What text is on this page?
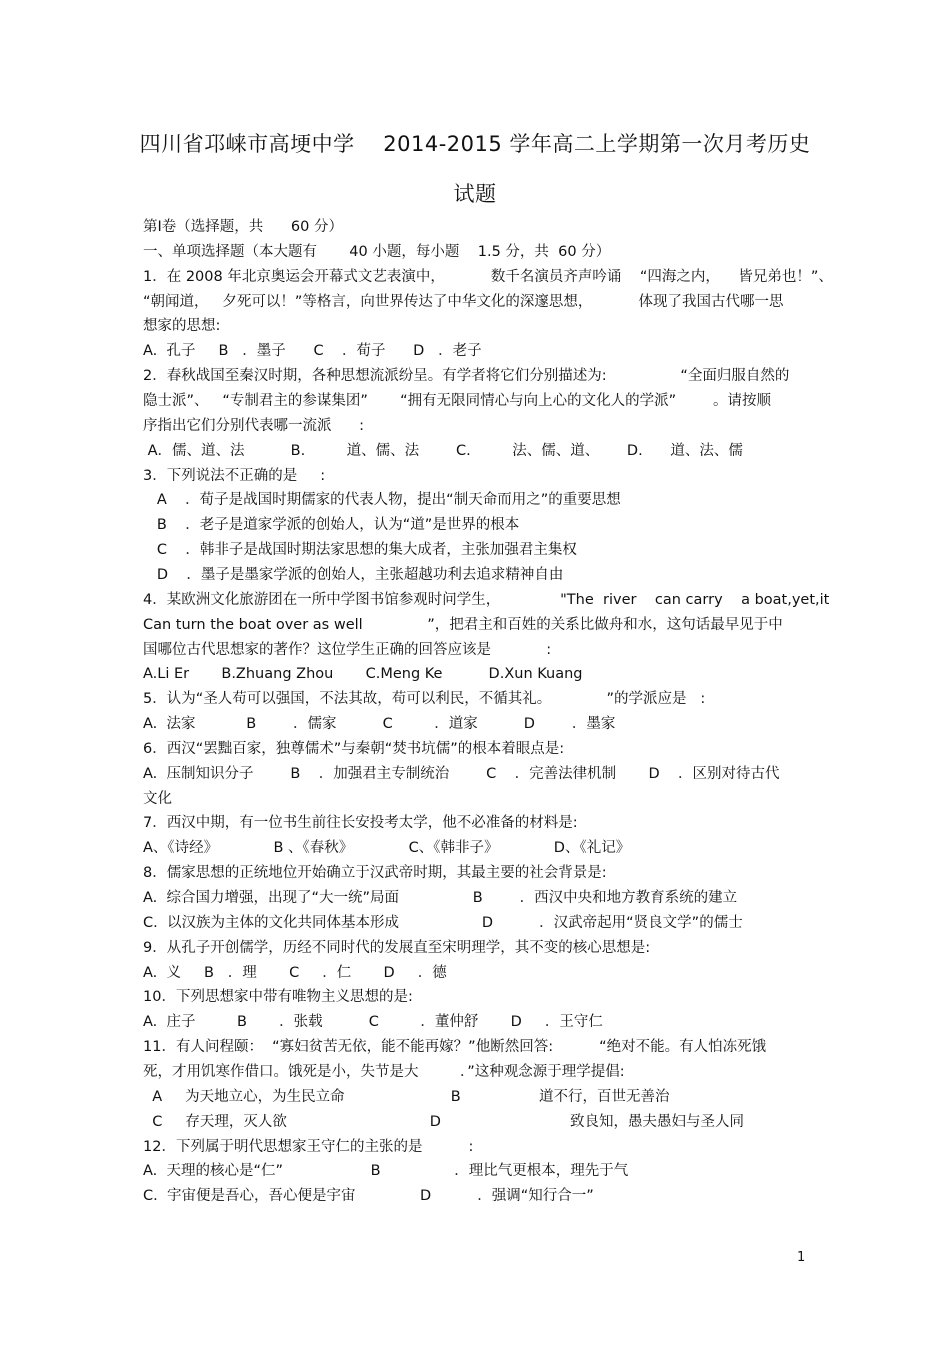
四川省邛崃市高埂中学    2014-2015 学年高二上学期第一次月考历史
试题
第Ⅰ卷（选择题，共      60 分）
一、单项选择题（本大题有       40 小题，每小题    1.5 分，共  60 分）
1．在 2008 年北京奥运会开幕式文艺表演中，          数千名演员齐声吟诵    “四海之内，    皆兄弟也！”、
“朝闻道，   夕死可以！”等格言，向世界传达了中华文化的深邃思想，          体现了我国古代哪一思
想家的思想:
A.  孔子     B   ．墨子      C    ．荀子      D   ．老子
2．春秋战国至秦汉时期，各种思想流派纷呈。有学者将它们分别描述为:                “全面归服自然的
隐士派”、   “专制君主的参谋集团”       “拥有无限同情心与向上心的文化人的学派”        。请按顺
序指出它们分别代表哪一流派      :
A．儒、道、法          B.         道、儒、法        C.         法、儒、道、      D.      道、法、儒
3．下列说法不正确的是     :
A    ．荀子是战国时期儒家的代表人物，提出“制天命而用之”的重要思想
B    ．老子是道家学派的创始人，认为“道”是世界的根本
C    ．韩非子是战国时期法家思想的集大成者，主张加强君主集权
D    ．墨子是墨家学派的创始人，主张超越功利去追求精神自由
4．某欧洲文化旅游团在一所中学图书馆参观时问学生，             "The  river    can carry    a boat,yet,it
Can turn the boat over as well              ”，把君主和百姓的关系比做舟和水，这句话最早见于中
国哪位古代思想家的著作？这位学生正确的回答应该是            :
A.Li Er       B.Zhuang Zhou       C.Meng Ke          D.Xun Kuang
5．认为“圣人苟可以强国，不法其故，苟可以利民，不循其礼。            ”的学派应是   :
A.  法家           B        ．儒家          C         ．道家          D        ．墨家
6．西汉“罢黜百家，独尊儒术”与秦朝“焚书坑儒”的根本着眼点是:
A.  压制知识分子        B    ．加强君主专制统治        C    ．完善法律机制       D    ．区别对待古代
文化
7．西汉中期，有一位书生前往长安投考太学，他不必准备的材料是:
A、《诗经》            B 、《春秋》            C、《韩非子》            D、《礼记》
8．儒家思想的正统地位开始确立于汉武帝时期，其最主要的社会背景是:
A.  综合国力增强，出现了“大一统”局面                B        ．西汉中央和地方教育系统的建立
C.  以汉族为主体的文化共同体基本形成                  D          ．汉武帝起用“贤良文学”的儒士
9．从孔子开创儒学，历经不同时代的发展直至宋明理学，其不变的核心思想是:
A.  义     B   ．理       C     ．仁       D     ．德
10．下列思想家中带有唯物主义思想的是:
A.  庄子         B       ．张载          C         ．董仲舒       D     ．王守仁
11．有人问程颐：  “寡妇贫苦无依，能不能再嫁？”他断然回答:          “绝对不能。有人怕冻死饿
死，才用饥寒作借口。饿死是小，失节是大         ．”这种观念源于理学提倡:
A     为天地立心，为生民立命                       B                 道不行，百世无善治
C     存天理，灭人欲                               D                            致良知，愚夫愚妇与圣人同
12．下列属于明代思想家王守仁的主张的是          :
A.  天理的核心是“仁”                   B                ．理比气更根本，理先于气
C.  宇宙便是吾心，吾心便是宇宙              D          ．强调“知行合一”
1
